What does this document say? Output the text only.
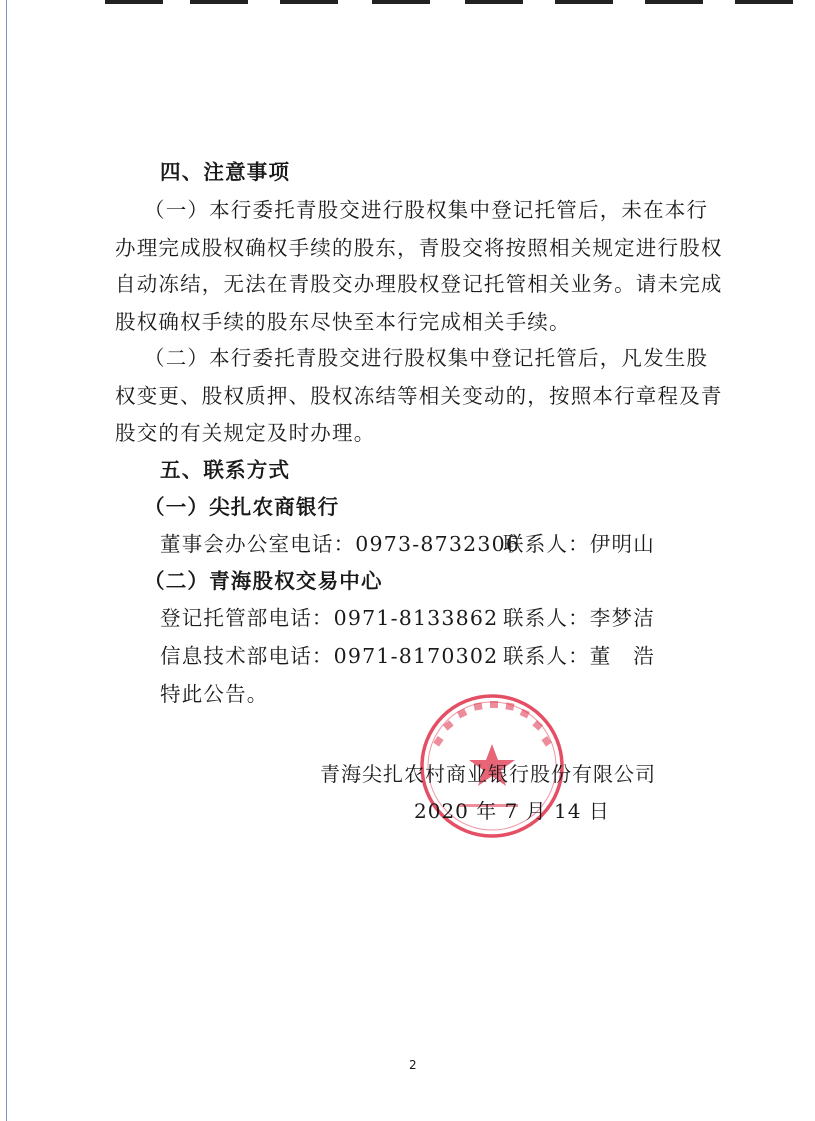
四、注意事项
（一）本行委托青股交进行股权集中登记托管后，未在本行
办理完成股权确权手续的股东，青股交将按照相关规定进行股权
自动冻结，无法在青股交办理股权登记托管相关业务。请未完成
股权确权手续的股东尽快至本行完成相关手续。
（二）本行委托青股交进行股权集中登记托管后，凡发生股
权变更、股权质押、股权冻结等相关变动的，按照本行章程及青
股交的有关规定及时办理。
五、联系方式
（一）尖扎农商银行
董事会办公室电话：0973-8732306
联系人：伊明山
（二）青海股权交易中心
登记托管部电话：0971-8133862 联系人：李梦洁
信息技术部电话：0971-8170302 联系人：董　浩
特此公告。
青海尖扎农村商业银行股份有限公司
2020 年 7 月 14 日
2
